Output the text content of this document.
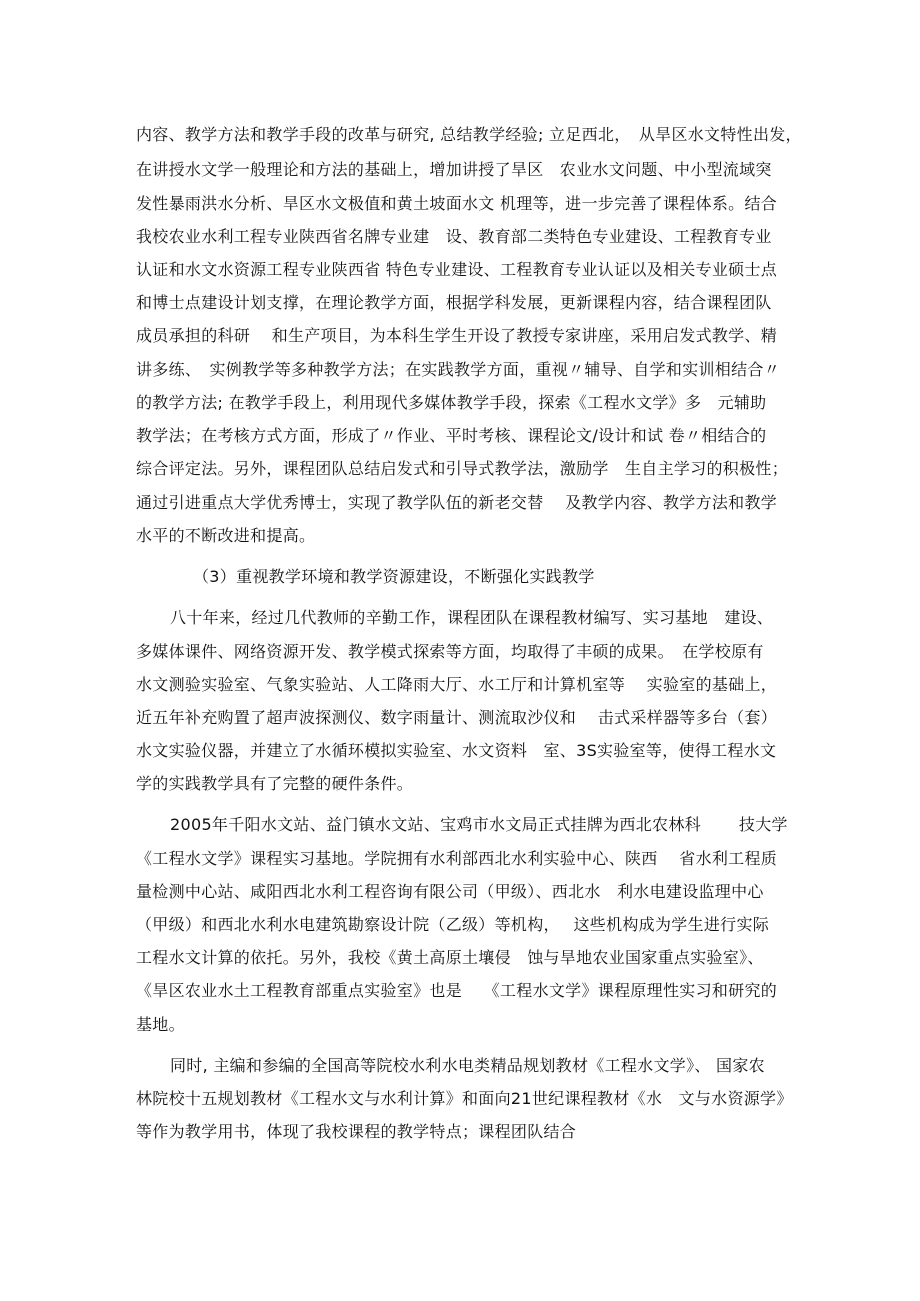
内容、教学方法和教学手段的改革与研究, 总结教学经验; 立足西北，　从旱区水文特性出发，
在讲授水文学一般理论和方法的基础上，增加讲授了旱区　农业水文问题、中小型流域突
发性暴雨洪水分析、旱区水文极值和黄土坡面水文 机理等，进一步完善了课程体系。结合
我校农业水利工程专业陕西省名牌专业建　设、教育部二类特色专业建设、工程教育专业
认证和水文水资源工程专业陕西省 特色专业建设、工程教育专业认证以及相关专业硕士点
和博士点建设计划支撑，在理论教学方面，根据学科发展，更新课程内容，结合课程团队
成员承担的科研　 和生产项目，为本科生学生开设了教授专家讲座，采用启发式教学、精
讲多练、　实例教学等多种教学方法；在实践教学方面，重视〃辅导、自学和实训相结合〃
的教学方法; 在教学手段上，利用现代多媒体教学手段，探索《工程水文学》多　元辅助
教学法；在考核方式方面，形成了〃作业、平时考核、课程论文/设计和试 卷〃相结合的
综合评定法。另外，课程团队总结启发式和引导式教学法，激励学　生自主学习的积极性；
通过引进重点大学优秀博士，实现了教学队伍的新老交替　 及教学内容、教学方法和教学
水平的不断改进和提高。
（3）重视教学环境和教学资源建设，不断强化实践教学
八十年来，经过几代教师的辛勤工作，课程团队在课程教材编写、实习基地　建设、
多媒体课件、网络资源开发、教学模式探索等方面，均取得了丰硕的成果。　在学校原有
水文测验实验室、气象实验站、人工降雨大厅、水工厅和计算机室等　 实验室的基础上，
近五年补充购置了超声波探测仪、数字雨量计、测流取沙仪和　 击式采样器等多台（套）
水文实验仪器，并建立了水循环模拟实验室、水文资料　室、3S实验室等，使得工程水文
学的实践教学具有了完整的硬件条件。
2005年千阳水文站、益门镇水文站、宝鸡市水文局正式挂牌为西北农林科　　 技大学
《工程水文学》课程实习基地。学院拥有水利部西北水利实验中心、陕西　 省水利工程质
量检测中心站、咸阳西北水利工程咨询有限公司（甲级）、西北水　利水电建设监理中心
（甲级）和西北水利水电建筑勘察设计院（乙级）等机构，　 这些机构成为学生进行实际
工程水文计算的依托。另外，我校《黄土高原土壤侵　蚀与旱地农业国家重点实验室》、
《旱区农业水土工程教育部重点实验室》也是　 《工程水文学》课程原理性实习和研究的
基地。
同时, 主编和参编的全国高等院校水利水电类精品规划教材《工程水文学》、 国家农
林院校十五规划教材《工程水文与水利计算》和面向21世纪课程教材《水　文与水资源学》
等作为教学用书，体现了我校课程的教学特点；课程团队结合
